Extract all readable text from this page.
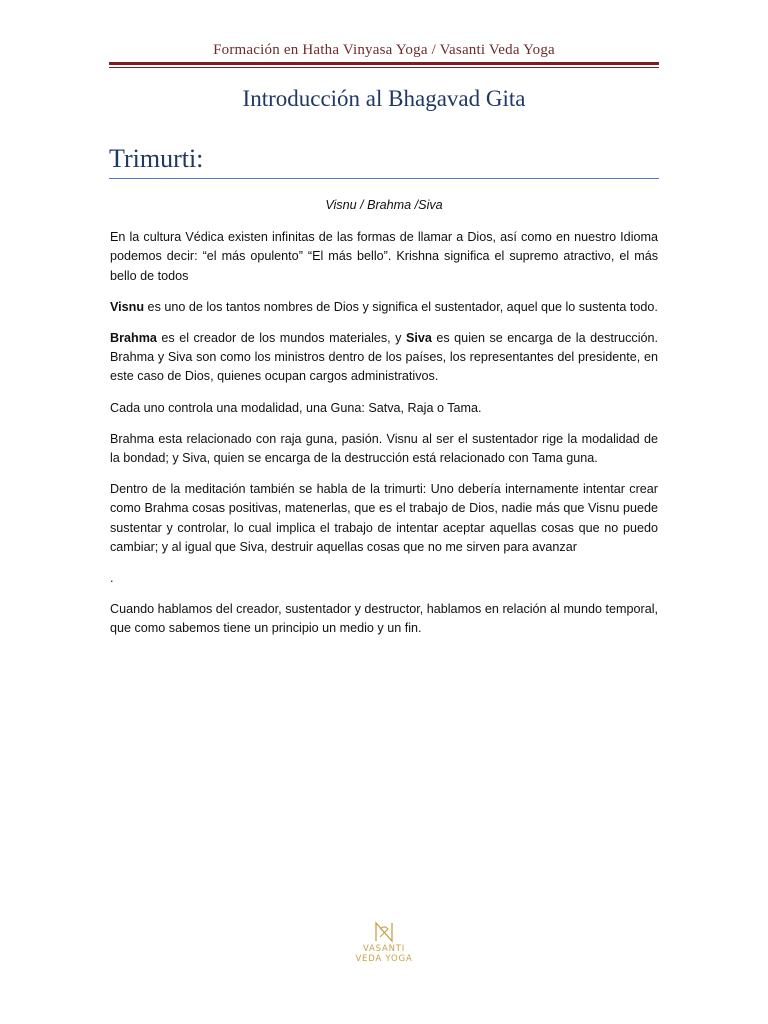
Formación en Hatha Vinyasa Yoga / Vasanti Veda Yoga
Introducción al Bhagavad Gita
Trimurti:

Visnu / Brahma /Siva

En la cultura Védica existen infinitas de las formas de llamar a Dios, así como en nuestro Idioma podemos decir: “el más opulento” “El más bello”. Krishna significa el supremo atractivo, el más bello de todos

Visnu es uno de los tantos nombres de Dios y significa el sustentador, aquel que lo sustenta todo.

Brahma es el creador de los mundos materiales, y Siva es quien se encarga de la destrucción. Brahma y Siva son como los ministros dentro de los países, los representantes del presidente, en este caso de Dios, quienes ocupan cargos administrativos.

Cada uno controla una modalidad, una Guna: Satva, Raja o Tama.

Brahma esta relacionado con raja guna, pasión. Visnu al ser el sustentador rige la modalidad de la bondad; y Siva, quien se encarga de la destrucción está relacionado con Tama guna.

Dentro de la meditación también se habla de la trimurti: Uno debería internamente intentar crear como Brahma cosas positivas, matenerlas, que es el trabajo de Dios, nadie más que Visnu puede sustentar y controlar, lo cual implica el trabajo de intentar aceptar aquellas cosas que no puedo cambiar; y al igual que Siva, destruir aquellas cosas que no me sirven para avanzar

.

Cuando hablamos del creador, sustentador y destructor, hablamos en relación al mundo temporal, que como sabemos tiene un principio un medio y un fin.

VASANTI
VEDA YOGA
